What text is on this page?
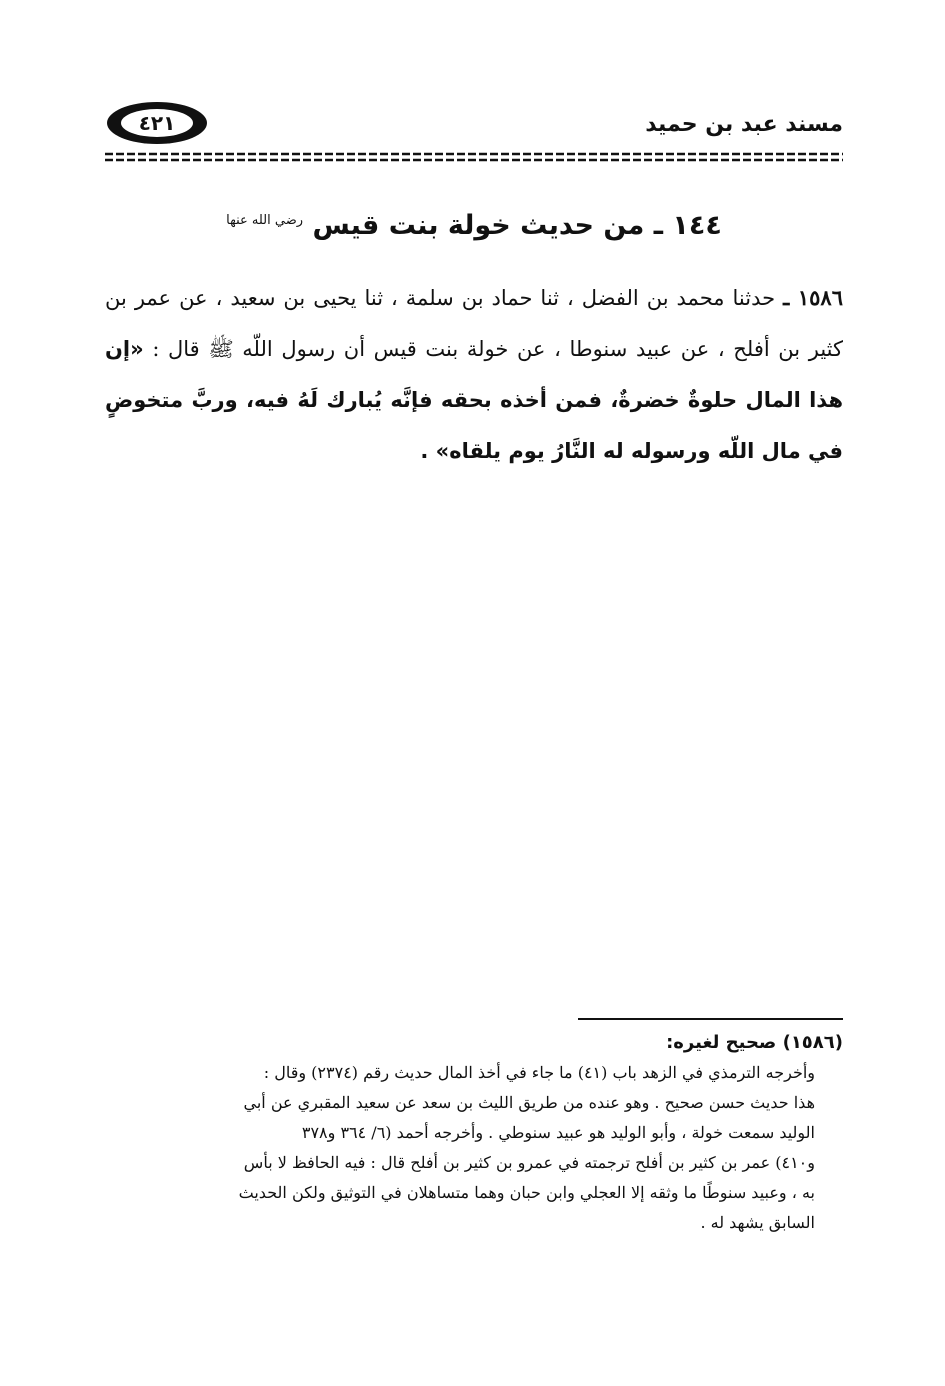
مسند عبد بن حميد
٤٢١
١٤٤ ـ من حديث خولة بنت قيس $^{رضي الله عنها}$
١٥٨٦ ـ حدثنا محمد بن الفضل ، ثنا حماد بن سلمة ، ثنا يحيى بن سعيد ، عن عمر بن كثير بن أفلح ، عن عبيد سنوطا ، عن خولة بنت قيس أن رسول اللّه ﷺ قال : «إن هذا المال حلوةٌ خضرةٌ، فمن أخذه بحقه فإنَّه يُبارك لَهُ فيه، وربَّ متخوضٍ في مال اللّه ورسوله له النَّارُ يوم يلقاه» .
(١٥٨٦) صحيح لغيره:
وأخرجه الترمذي في الزهد باب (٤١) ما جاء في أخذ المال حديث رقم (٢٣٧٤) وقال :
هذا حديث حسن صحيح . وهو عنده من طريق الليث بن سعد عن سعيد المقبري عن أبي
الوليد سمعت خولة ، وأبو الوليد هو عبيد سنوطي . وأخرجه أحمد (٦/ ٣٦٤ و٣٧٨
و٤١٠) عمر بن كثير بن أفلح ترجمته في عمرو بن كثير بن أفلح قال : فيه الحافظ لا بأس
به ، وعبيد سنوطًا ما وثقه إلا العجلي وابن حبان وهما متساهلان في التوثيق ولكن الحديث
السابق يشهد له .
